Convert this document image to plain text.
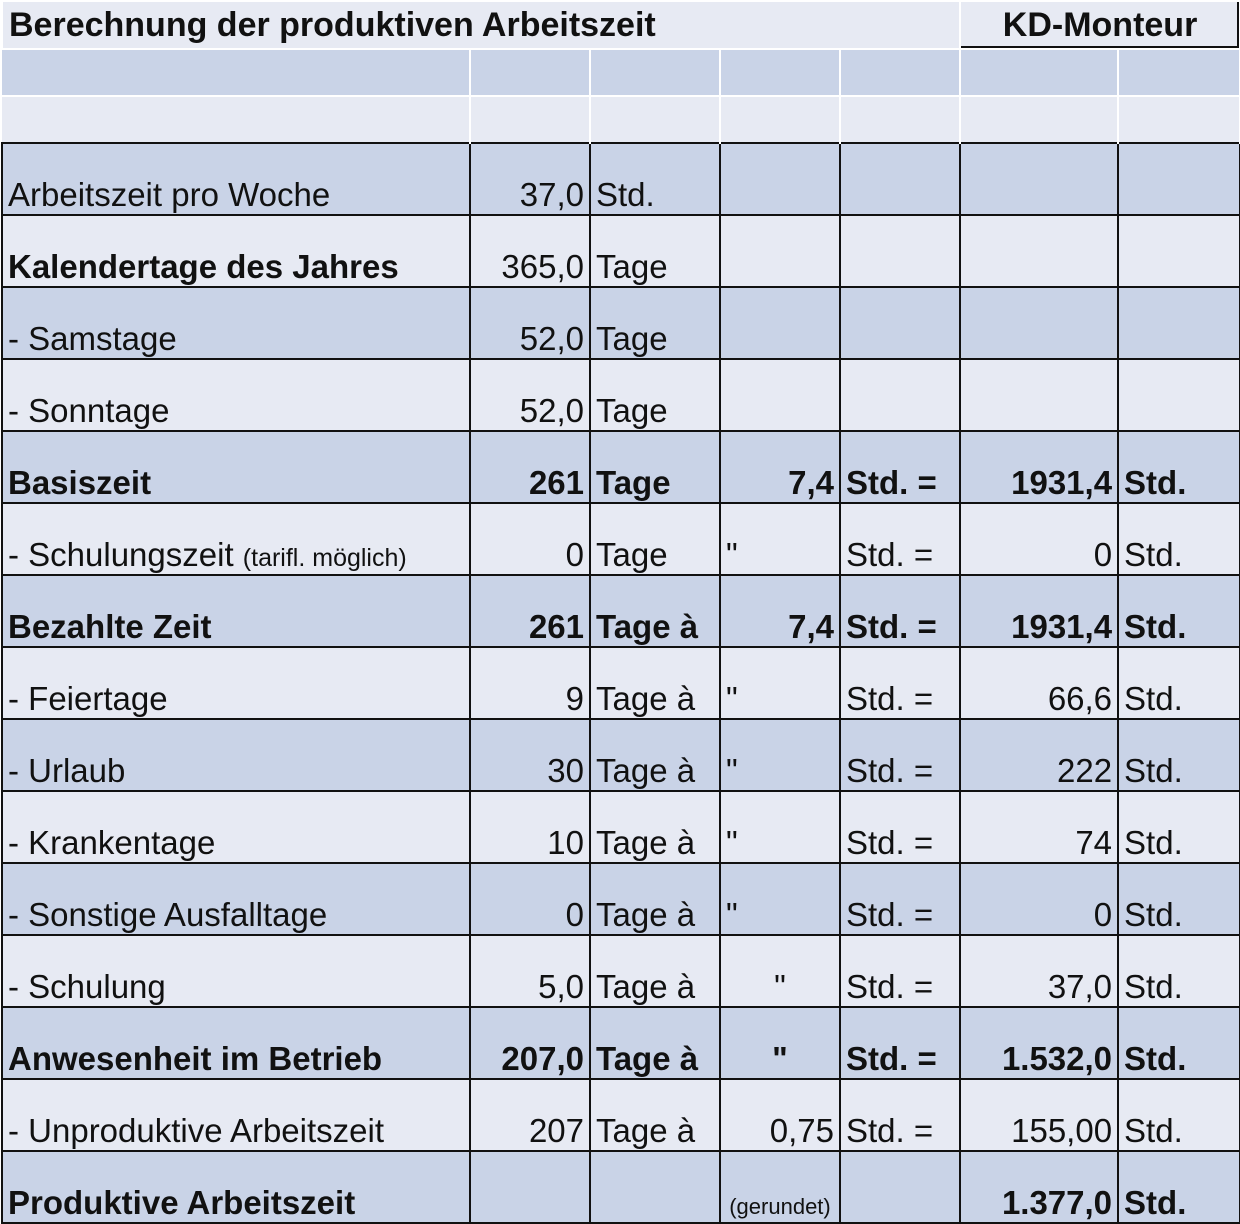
Berechnung der produktiven Arbeitszeit					KD-Monteur	

Arbeitszeit pro Woche	37,0	Std.				
Kalendertage des Jahres	365,0	Tage				
- Samstage	52,0	Tage				
- Sonntage	52,0	Tage				
Basiszeit	261	Tage	7,4	Std. =	1931,4	Std.
- Schulungszeit (tarifl. möglich)	0	Tage	"	Std. =	0	Std.
Bezahlte Zeit	261	Tage à	7,4	Std. =	1931,4	Std.
- Feiertage	9	Tage à	"	Std. =	66,6	Std.
- Urlaub	30	Tage à	"	Std. =	222	Std.
- Krankentage	10	Tage à	"	Std. =	74	Std.
- Sonstige Ausfalltage	0	Tage à	"	Std. =	0	Std.
- Schulung	5,0	Tage à	"	Std. =	37,0	Std.
Anwesenheit im Betrieb	207,0	Tage à	"	Std. =	1.532,0	Std.
- Unproduktive Arbeitszeit	207	Tage à	0,75	Std. =	155,00	Std.
Produktive Arbeitszeit			(gerundet)		1.377,0	Std.
